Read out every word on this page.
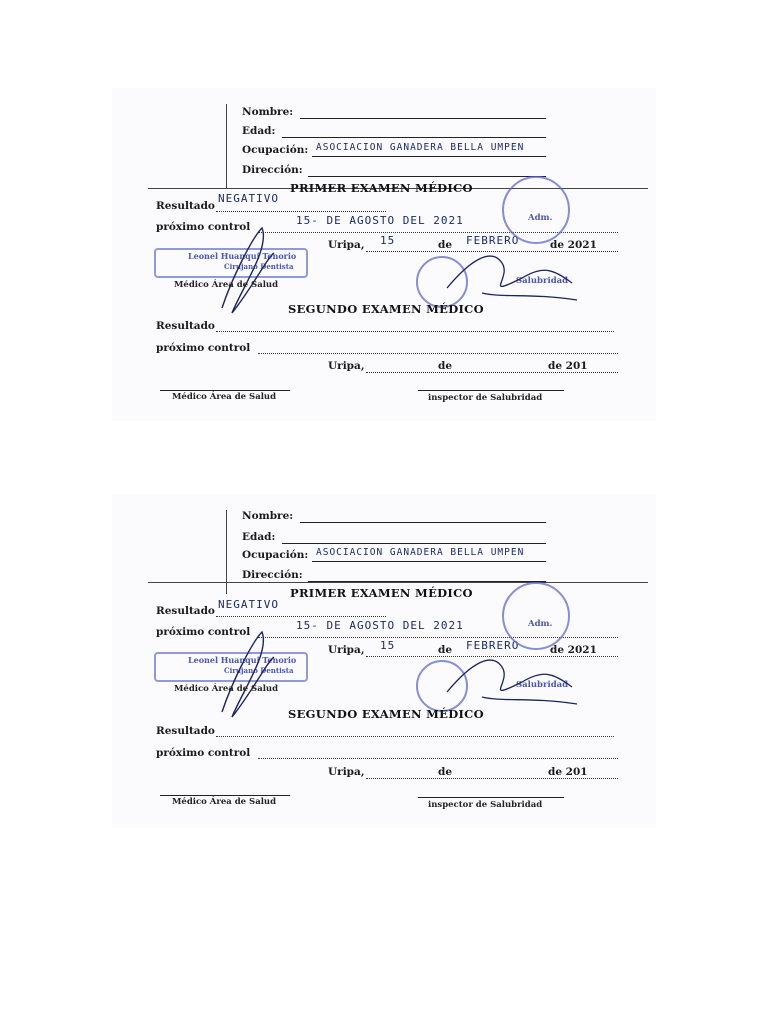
Nombre:
Edad:
Ocupación: ASOCIACION GANADERA BELLA UMPEN
Dirección:
PRIMER EXAMEN MÉDICO
Resultado
NEGATIVO
próximo control	15- DE AGOSTO DEL 2021
Uripa, 15	de FEBRERO	de 2021
Adm.
Leonel Huanqui Tenorio
Cirujano Dentista
Salubridad
Médico Área de Salud
SEGUNDO EXAMEN MÉDICO
Resultado
próximo control
Uripa,	de	de 201
Médico Área de Salud	inspector de Salubridad
Nombre:
Edad:
Ocupación: ASOCIACION GANADERA BELLA UMPEN
Dirección:
PRIMER EXAMEN MÉDICO
Resultado NEGATIVO
próximo control	15- DE AGOSTO DEL 2021
Uripa, 15	de FEBRERO	de 2021
Adm.
Leonel Huanqui Tenorio
Cirujano Dentista
Salubridad
Médico Área de Salud
SEGUNDO EXAMEN MÉDICO
Resultado
próximo control
Uripa,	de	de 201
Médico Área de Salud	inspector de Salubridad
